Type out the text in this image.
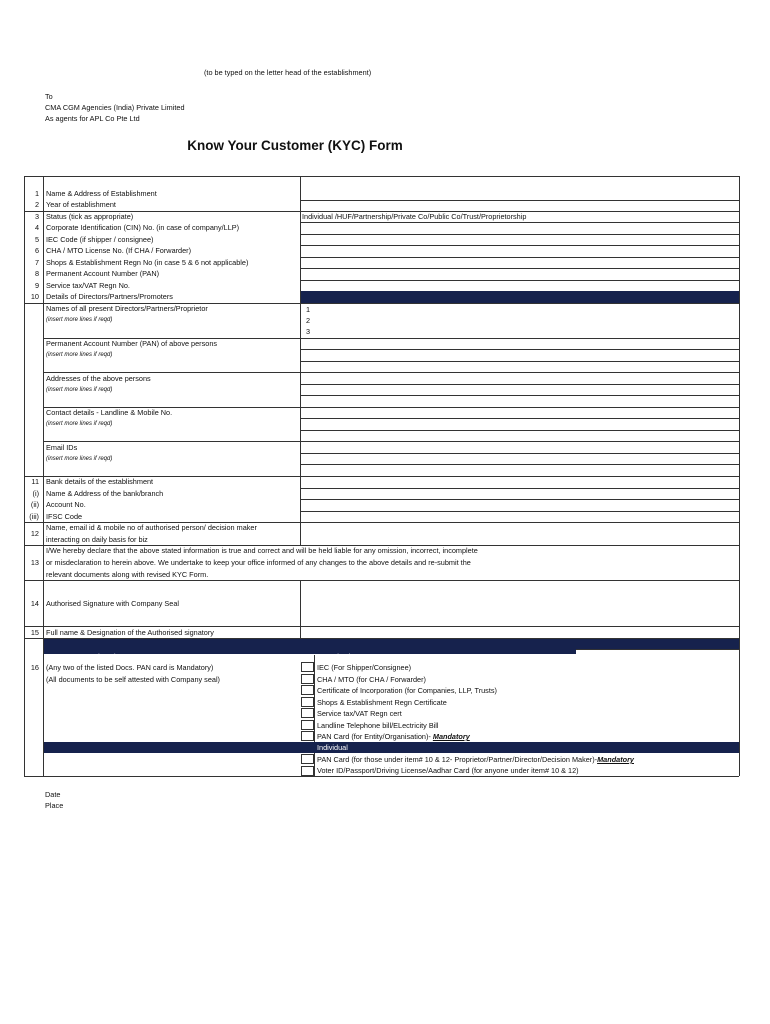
(to be typed on the letter head of the establishment)
To
CMA CGM Agencies (India) Private Limited
As agents for APL Co Pte Ltd
Know Your Customer (KYC) Form
1 Name & Address of Establishment
2 Year of establishment
3 Status (tick as appropriate)	Individual /HUF/Partnership/Private Co/Public Co/Trust/Proprietorship
4 Corporate Identification (CIN) No. (in case of company/LLP)
5 IEC Code (if shipper / consignee)
6 CHA / MTO License No. (If CHA / Forwarder)
7 Shops & Establishment Regn No (in case 5 & 6 not applicable)
8 Permanent Account Number (PAN)
9 Service tax/VAT Regn No.
10 Details of Directors/Partners/Promoters
Names of all present Directors/Partners/Proprietor
(insert more lines if reqd)
1
2
3
Permanent Account Number (PAN) of above persons
(insert more lines if reqd)
Addresses of the above persons
(insert more lines if reqd)
Contact details - Landline & Mobile No.
(insert more lines if reqd)
Email IDs
(insert more lines if reqd)
11 Bank details of the establishment
(i) Name & Address of the bank/branch
(ii) Account No.
(iii) IFSC Code
12
Name, email id & mobile no of authorised person/ decision maker
interacting on daily basis for biz
13
I/We hereby declare that the above stated information is true and correct and will be held liable for any omission, incorrect, incomplete
or misdeclaration to herein above. We undertake to keep your office informed of any changes to the above details and re-submit the
relevant documents along with revised KYC Form.
14 Authorised Signature with Company Seal
15 Full name & Designation of the Authorised signatory
Documents Enclosed	Organisation
16 (Any two of the listed Docs. PAN card is Mandatory)
(All documents to be self attested with Company seal)
IEC (For Shipper/Consignee)
CHA / MTO (for CHA / Forwarder)
Certificate of Incorporation (for Companies, LLP, Trusts)
Shops & Establishment Regn Certificate
Service tax/VAT Regn cert
Landline Telephone bill/ELectricity Bill
PAN Card (for Entity/Organisation)- Mandatory
Individual
PAN Card (for those under item# 10 & 12- Proprietor/Partner/Director/Decision Maker)-Mandatory
Voter ID/Passport/Driving License/Aadhar Card (for anyone under item# 10 & 12)
Date
Place
